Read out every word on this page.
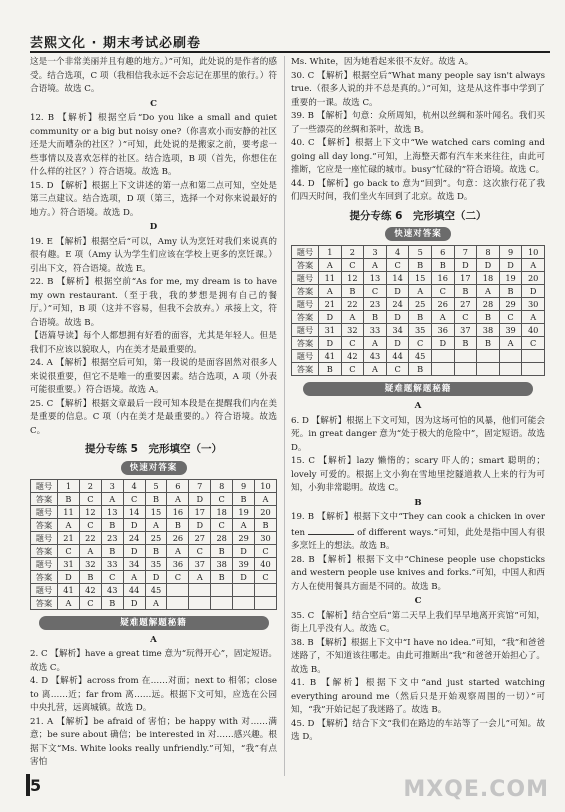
芸熙文化 · 期末考试必刷卷

这是一个非常美丽并且有趣的地方。）”可知，此处说的是作者的感受。结合选项，C 项（我相信我永远不会忘记在那里的旅行。）符合语境。故选 C。

C

12. B 【解析】根据空后“Do you like a small and quiet community or a big but noisy one?（你喜欢小而安静的社区还是大而嘈杂的社区？）”可知，此处说的是搬家之前，要考虑一些事情以及喜欢怎样的社区。结合选项，B 项（首先，你想住在什么样的社区？）符合语境。故选 B。

15. D 【解析】根据上下文讲述的第一点和第二点可知，空处是第三点建议。结合选项，D 项（第三，选择一个对你来说最好的地方。）符合语境。故选 D。

D

19. E 【解析】根据空后“可以，Amy 认为烹饪对我们来说真的很有趣。E 项（Amy 认为学生们应该在学校上更多的烹饪课。）引出下文，符合语境。故选 E。

22. B 【解析】根据空前“As for me, my dream is to have my own restaurant.（至于我，我的梦想是拥有自己的餐厅。）”可知，B 项（这并不容易，但我不会放弃。）承接上文，符合语境。故选 B。

【语篇导读】每个人都想拥有好看的面容，尤其是年轻人。但是我们不应该以貌取人，内在美才是最重要的。

24. A 【解析】根据空后可知，第一段说的是面容固然对很多人来说很重要，但它不是唯一的重要因素。结合选项，A 项（外表可能很重要。）符合语境。故选 A。

25. C 【解析】根据文章最后一段可知本段是在提醒我们内在美是重要的信息。C 项（内在美才是最重要的。）符合语境。故选 C。

提分专练 5　完形填空（一）
快速对答案
题号	1	2	3	4	5	6	7	8	9	10
答案	B	C	A	C	B	A	D	C	B	A
题号	11	12	13	14	15	16	17	18	19	20
答案	A	C	B	D	A	B	D	C	A	B
题号	21	22	23	24	25	26	27	28	29	30
答案	C	A	B	D	B	A	C	B	D	C
题号	31	32	33	34	35	36	37	38	39	40
答案	D	B	C	A	D	C	A	B	D	C
题号	41	42	43	44	45					
答案	A	C	B	D	A					
疑难题解题秘籍

A

2. C 【解析】have a great time 意为“玩得开心”，固定短语。故选 C。

4. D 【解析】across from 在……对面；next to 相邻；close to 离……近；far from 离……远。根据下文可知，应选在公园中央扎营，远离城镇。故选 D。

21. A 【解析】be afraid of 害怕；be happy with 对……满意；be sure about 确信；be interested in 对……感兴趣。根据下文“Ms. White looks really unfriendly.”可知，“我”有点害怕

Ms. White，因为她看起来很不友好。故选 A。

30. C 【解析】根据空后“What many people say isn't always true.（很多人说的并不总是真的。）”可知，这是从这件事中学到了重要的一课。故选 C。

39. B 【解析】句意：众所周知，杭州以丝绸和茶叶闻名。我们买了一些漂亮的丝绸和茶叶，故选 B。

40. C 【解析】根据上下文中“We watched cars coming and going all day long.”可知，上海整天都有汽车来来往往，由此可推断，它应是一座忙碌的城市。busy“忙碌的”符合语境。故选 C。

44. D 【解析】go back to 意为“回到”。句意：这次旅行花了我们四天时间，我们坐火车回到了北京。故选 D。

提分专练 6　完形填空（二）
快速对答案
题号	1	2	3	4	5	6	7	8	9	10
答案	A	C	A	C	B	B	D	D	D	A
题号	11	12	13	14	15	16	17	18	19	20
答案	A	B	C	D	A	C	B	A	B	D
题号	21	22	23	24	25	26	27	28	29	30
答案	D	A	B	D	B	A	C	B	C	A
题号	31	32	33	34	35	36	37	38	39	40
答案	D	C	A	D	C	D	B	B	A	C
题号	41	42	43	44	45					
答案	B	C	A	C	B					
疑难题解题秘籍

A

6. D 【解析】根据上下文可知，因为这场可怕的风暴，他们可能会死。in great danger 意为“处于极大的危险中”，固定短语。故选 D。

15. C 【解析】lazy 懒惰的；scary 吓人的；smart 聪明的；lovely 可爱的。根据上文小狗在雪地里挖隧道救人上来的行为可知，小狗非常聪明。故选 C。

B

19. B 【解析】根据下文中“They can cook a chicken in over ten	of different ways.”可知，此处是指中国人有很多烹饪上的想法。故选 B。

28. B 【解析】根据下文中“Chinese people use chopsticks and western people use knives and forks.”可知，中国人和西方人在使用餐具方面是不同的。故选 B。

C

35. C 【解析】结合空后“第二天早上我们早早地离开宾馆”可知，街上几乎没有人。故选 C。

38. B 【解析】根据上下文中“I have no idea.”可知，“我”和爸爸迷路了，不知道该往哪走。由此可推断出“我”和爸爸开始担心了。故选 B。

41. B 【解析】根据下文中“and just started watching everything around me（然后只是开始观察周围的一切）”可知，“我”开始记起了我迷路了。故选 B。

45. D 【解析】结合下文“我们在路边的车站等了一会儿”可知。故选 D。

5	MXQE.COM
